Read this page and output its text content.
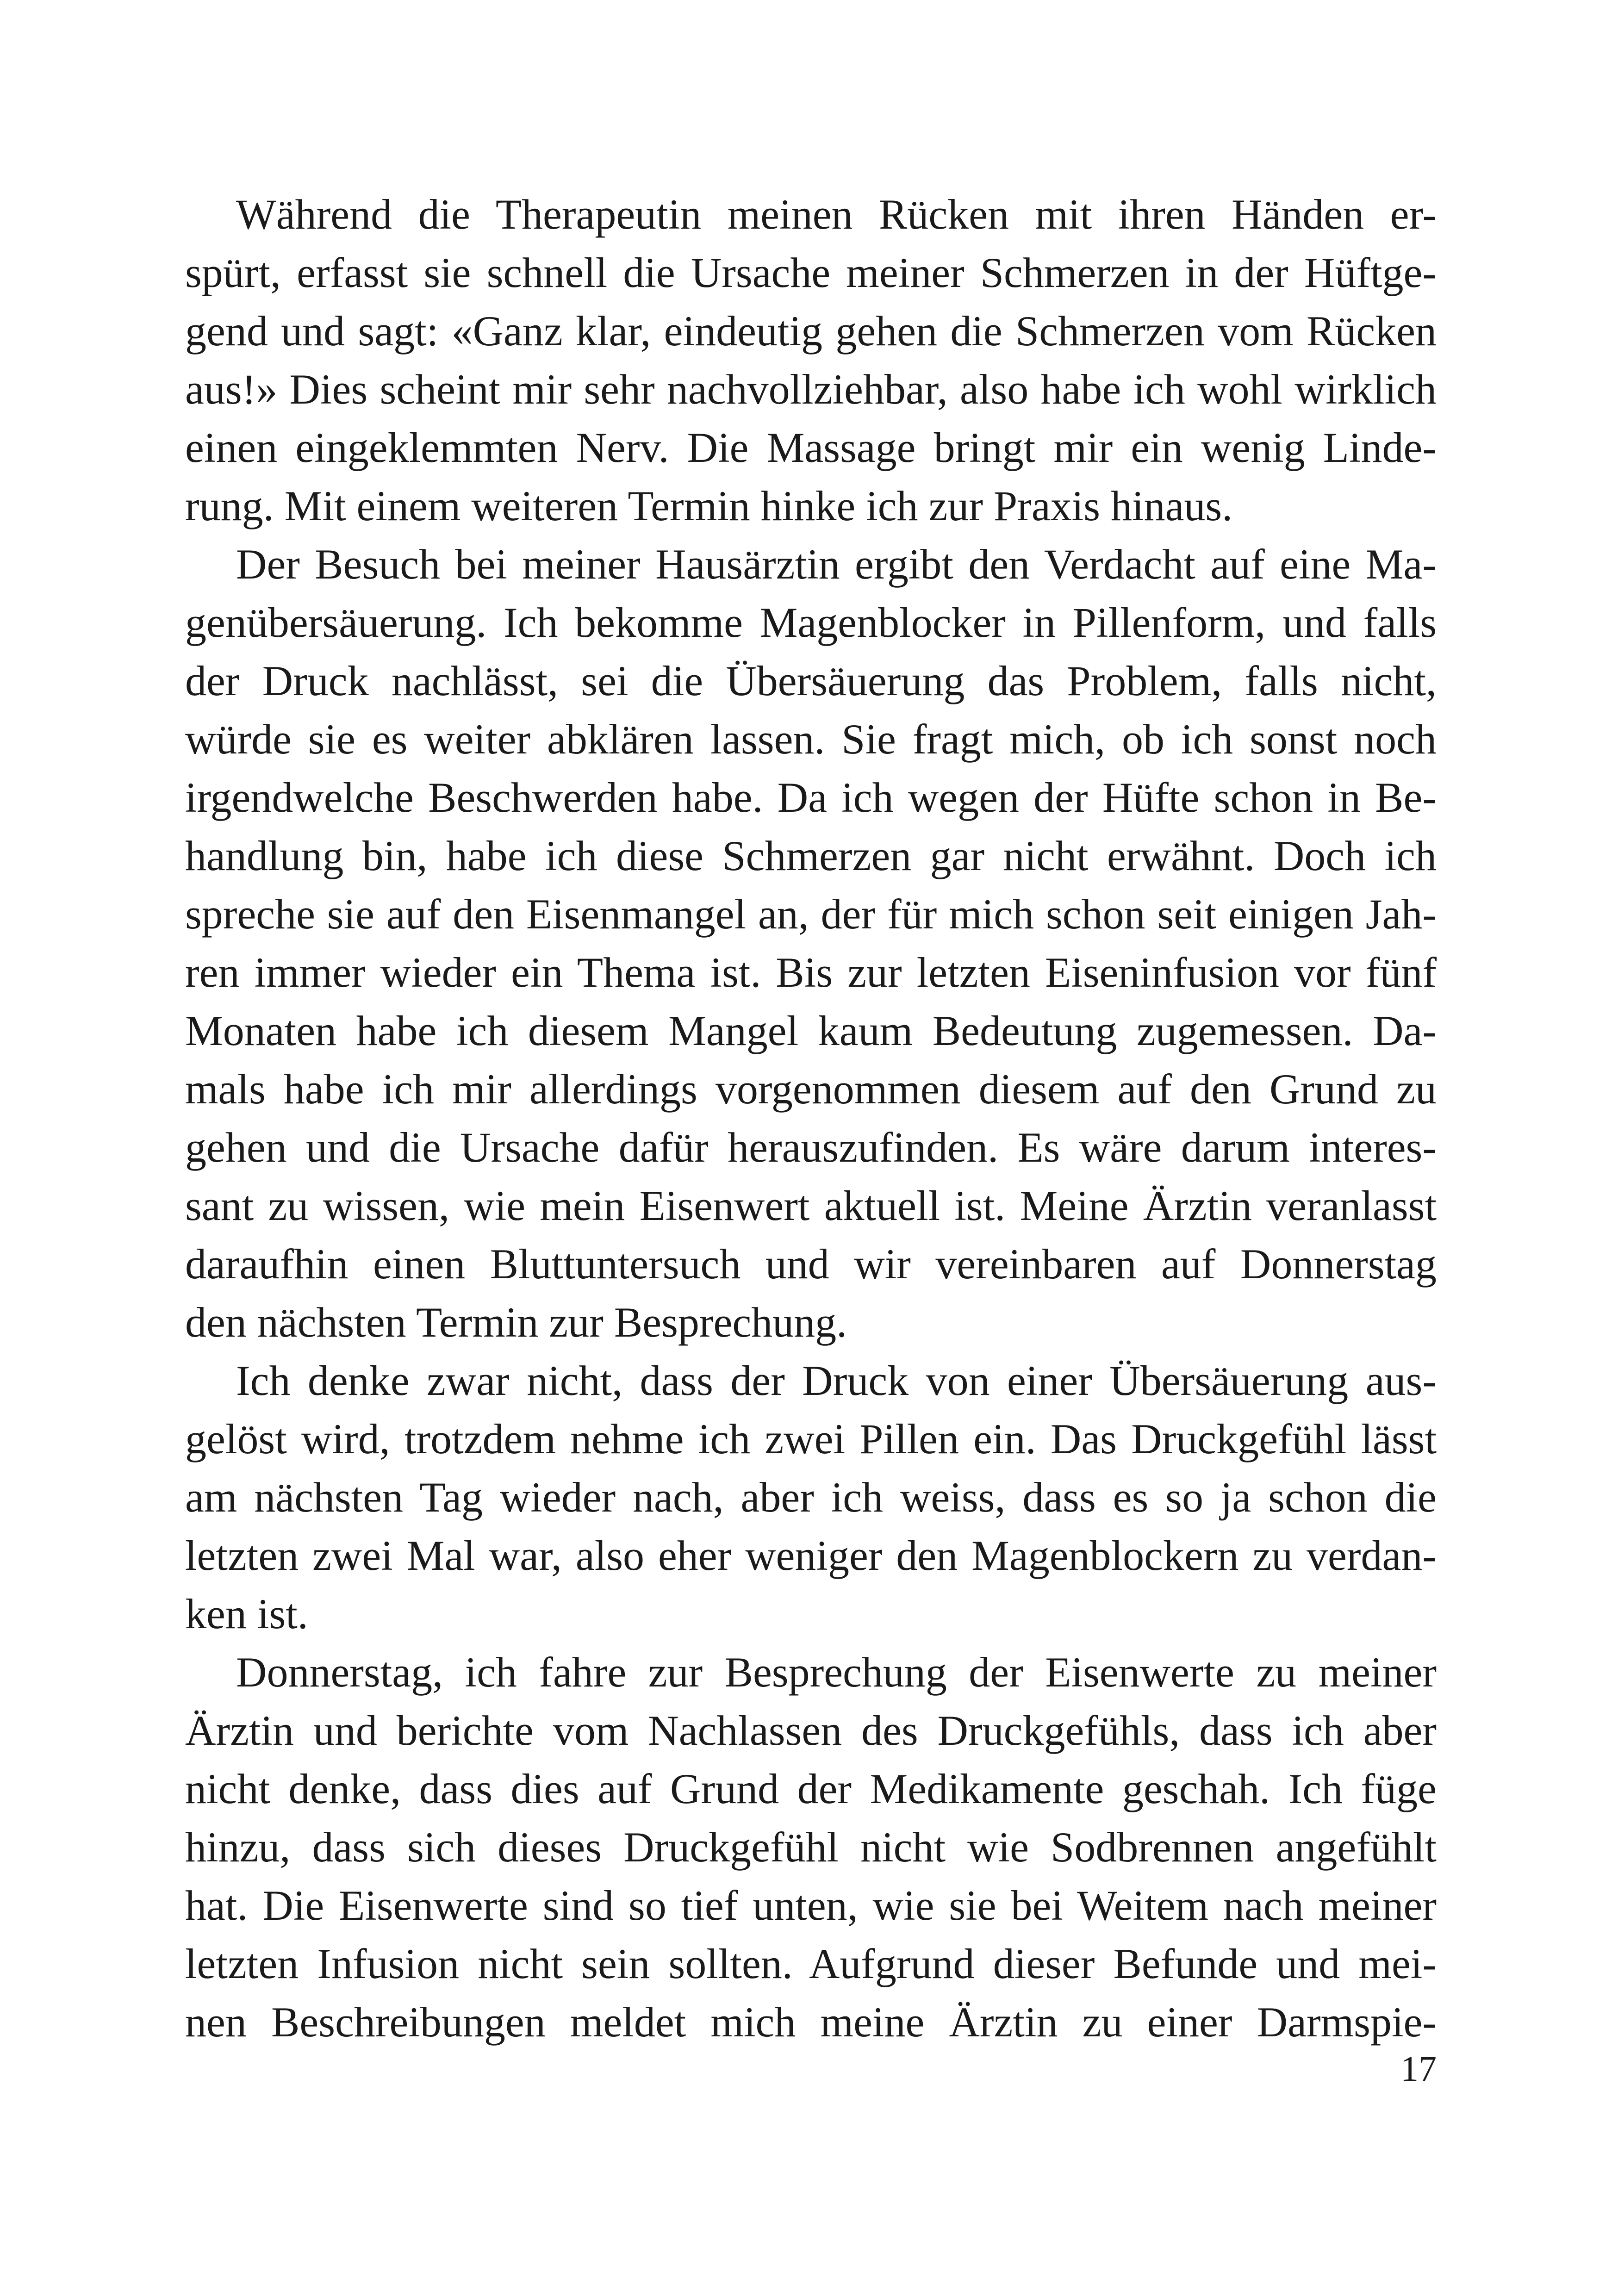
Während die Therapeutin meinen Rücken mit ihren Händen er-
spürt, erfasst sie schnell die Ursache meiner Schmerzen in der Hüftge-
gend und sagt: «Ganz klar, eindeutig gehen die Schmerzen vom Rücken
aus!» Dies scheint mir sehr nachvollziehbar, also habe ich wohl wirklich
einen eingeklemmten Nerv. Die Massage bringt mir ein wenig Linde-
rung. Mit einem weiteren Termin hinke ich zur Praxis hinaus.
Der Besuch bei meiner Hausärztin ergibt den Verdacht auf eine Ma-
genübersäuerung. Ich bekomme Magenblocker in Pillenform, und falls
der Druck nachlässt, sei die Übersäuerung das Problem, falls nicht,
würde sie es weiter abklären lassen. Sie fragt mich, ob ich sonst noch
irgendwelche Beschwerden habe. Da ich wegen der Hüfte schon in Be-
handlung bin, habe ich diese Schmerzen gar nicht erwähnt. Doch ich
spreche sie auf den Eisenmangel an, der für mich schon seit einigen Jah-
ren immer wieder ein Thema ist. Bis zur letzten Eiseninfusion vor fünf
Monaten habe ich diesem Mangel kaum Bedeutung zugemessen. Da-
mals habe ich mir allerdings vorgenommen diesem auf den Grund zu
gehen und die Ursache dafür herauszufinden. Es wäre darum interes-
sant zu wissen, wie mein Eisenwert aktuell ist. Meine Ärztin veranlasst
daraufhin einen Bluttuntersuch und wir vereinbaren auf Donnerstag
den nächsten Termin zur Besprechung.
Ich denke zwar nicht, dass der Druck von einer Übersäuerung aus-
gelöst wird, trotzdem nehme ich zwei Pillen ein. Das Druckgefühl lässt
am nächsten Tag wieder nach, aber ich weiss, dass es so ja schon die
letzten zwei Mal war, also eher weniger den Magenblockern zu verdan-
ken ist.
Donnerstag, ich fahre zur Besprechung der Eisenwerte zu meiner
Ärztin und berichte vom Nachlassen des Druckgefühls, dass ich aber
nicht denke, dass dies auf Grund der Medikamente geschah. Ich füge
hinzu, dass sich dieses Druckgefühl nicht wie Sodbrennen angefühlt
hat. Die Eisenwerte sind so tief unten, wie sie bei Weitem nach meiner
letzten Infusion nicht sein sollten. Aufgrund dieser Befunde und mei-
nen Beschreibungen meldet mich meine Ärztin zu einer Darmspie-
17
